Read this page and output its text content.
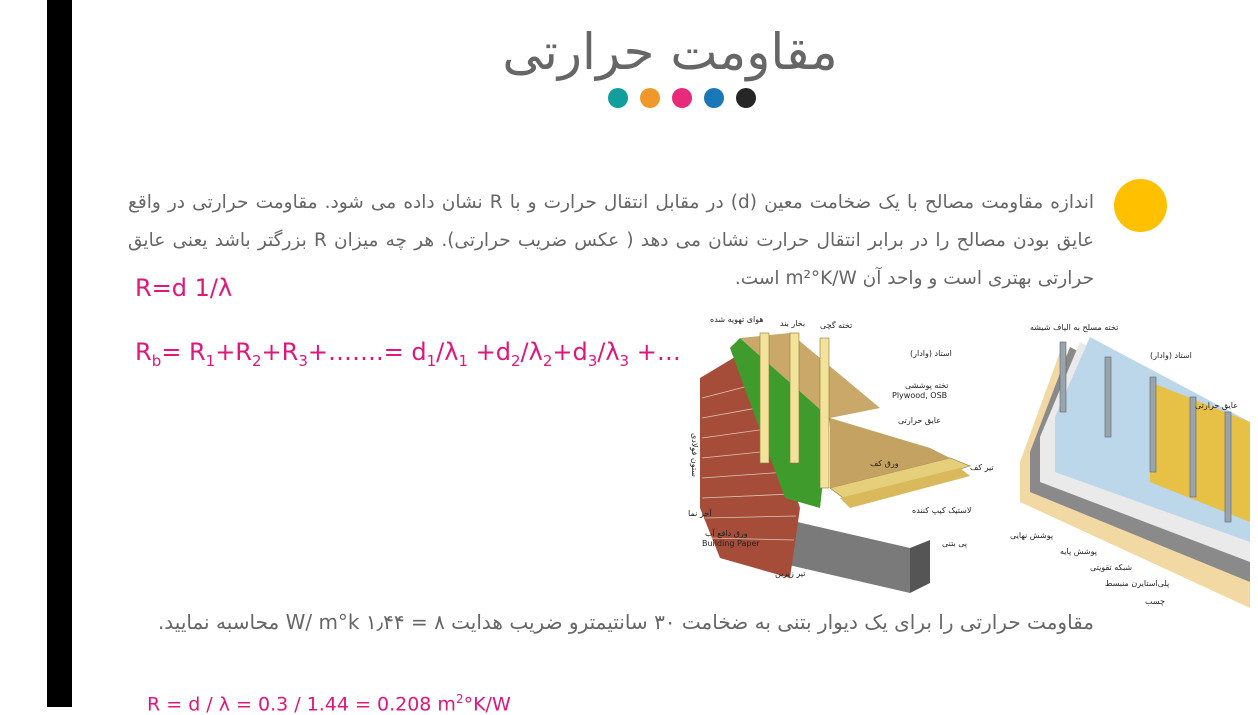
مقاومت حرارتی
اندازه مقاومت مصالح با یک ضخامت معین (d) در مقابل انتقال حرارت و با R نشان داده می شود. مقاومت حرارتی در واقع عایق بودن مصالح را در برابر انتقال حرارت نشان می دهد ( عکس ضریب حرارتی). هر چه میزان R بزرگتر باشد یعنی عایق حرارتی بهتری است و واحد آن m²°K/W است.
R=d 1/λ
$R_b=$ $R_1+R_2+R_3+\dots\dots.= d_1/\lambda_1 +d_2/\lambda_2+d_3/\lambda_3$ +…
هوای تهویه شده بخار بند تخته گچی
استاد (وادار)
تخته پوششی
Plywood, OSB
عایق حرارتی
ستون فولادی	تیر کف
ورق کف
آجر نما
ورق دافع آب
Building Paper
لاستیک کیپ کننده
پی بتنی
تیر زیرین
تخته مسلح به الیاف شیشه
استاد (وادار)
عایق حرارتی
پوشش نهایی
پوشش پایه
شبکه تقویتی
پلی‌استایرن منبسط
چسب
مقاومت حرارتی را برای یک دیوار بتنی به ضخامت ۳۰ سانتیمترو ضریب هدایت W/ m°k ۱٫۴۴ = ۸ محاسبه نمایید.
R = d / λ = 0.3 / 1.44 = 0.208 $m^2^\circ K/W$
